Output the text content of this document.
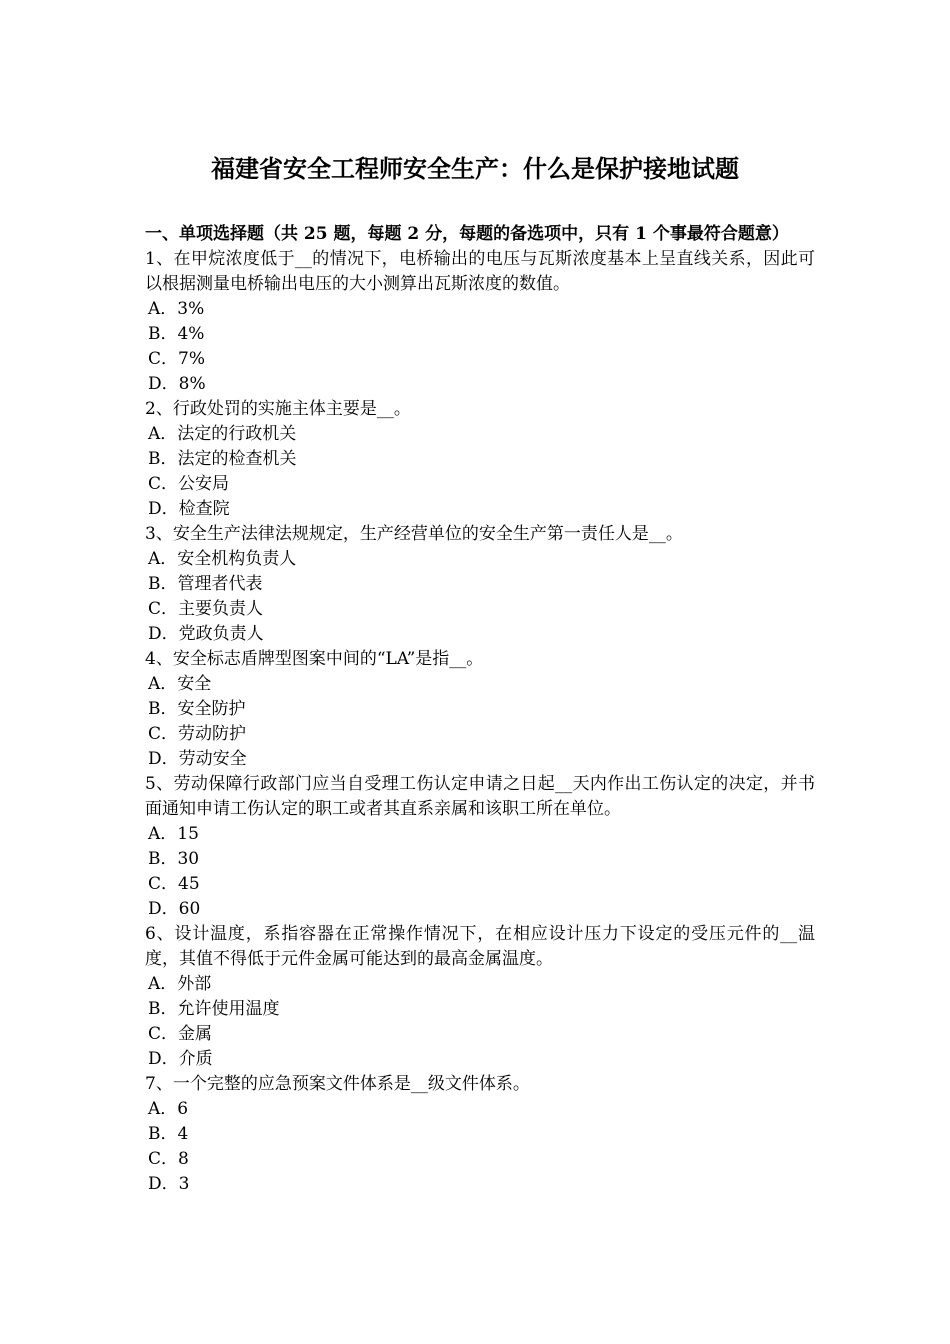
福建省安全工程师安全生产：什么是保护接地试题

一、单项选择题（共 25 题，每题 2 分，每题的备选项中，只有 1 个事最符合题意）

1、在甲烷浓度低于__的情况下，电桥输出的电压与瓦斯浓度基本上呈直线关系，因此可以根据测量电桥输出电压的大小测算出瓦斯浓度的数值。
A．3%
B．4%
C．7%
D．8%
2、行政处罚的实施主体主要是__。
A．法定的行政机关
B．法定的检查机关
C．公安局
D．检查院
3、安全生产法律法规规定，生产经营单位的安全生产第一责任人是__。
A．安全机构负责人
B．管理者代表
C．主要负责人
D．党政负责人
4、安全标志盾牌型图案中间的“LA”是指__。
A．安全
B．安全防护
C．劳动防护
D．劳动安全
5、劳动保障行政部门应当自受理工伤认定申请之日起__天内作出工伤认定的决定，并书面通知申请工伤认定的职工或者其直系亲属和该职工所在单位。
A．15
B．30
C．45
D．60
6、设计温度，系指容器在正常操作情况下，在相应设计压力下设定的受压元件的__温度，其值不得低于元件金属可能达到的最高金属温度。
A．外部
B．允许使用温度
C．金属
D．介质
7、一个完整的应急预案文件体系是__级文件体系。
A．6
B．4
C．8
D．3
